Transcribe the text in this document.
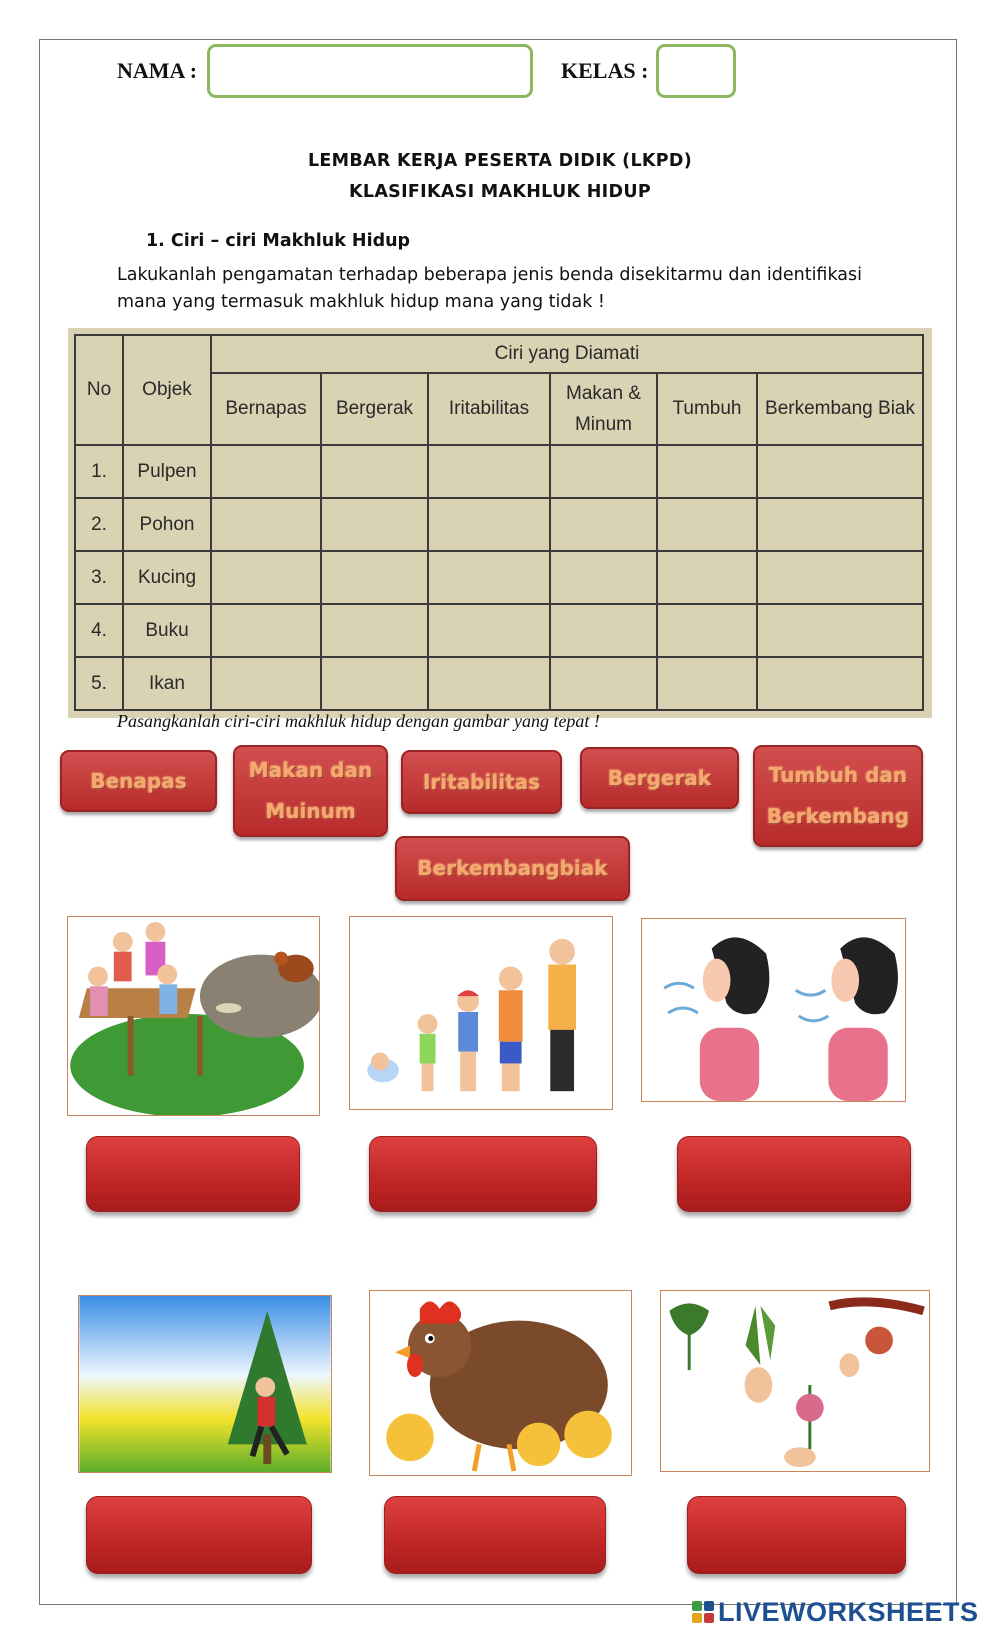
NAMA :	KELAS :
LEMBAR KERJA PESERTA DIDIK (LKPD)
KLASIFIKASI MAKHLUK HIDUP
1. Ciri – ciri Makhluk Hidup
Lakukanlah pengamatan terhadap beberapa jenis benda disekitarmu dan identifikasi mana yang termasuk makhluk hidup mana yang tidak !
No	Objek	Ciri yang Diamati					
		Bernapas	Bergerak	Iritabilitas	Makan & Minum	Tumbuh	Berkembang Biak
1.	Pulpen						
2.	Pohon						
3.	Kucing						
4.	Buku						
5.	Ikan						
Pasangkanlah ciri-ciri makhluk hidup dengan gambar yang tepat !
Benapas	Makan dan Muinum
Iritabilitas	Bergerak	Tumbuh dan Berkembang
Berkembangbiak
LIVEWORKSHEETS
